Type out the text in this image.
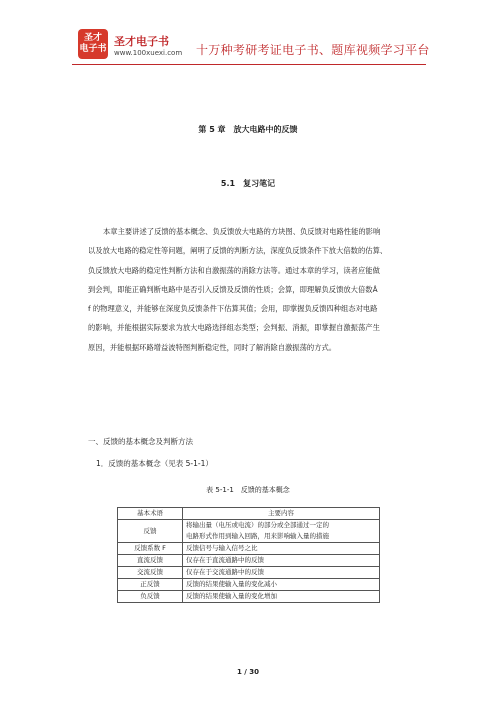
圣才
电子书
圣才电子书
www.100xuexi.com 十万种考研考证电子书、题库视频学习平台
第 5 章　放大电路中的反馈
5.1　复习笔记
本章主要讲述了反馈的基本概念、负反馈放大电路的方块图、负反馈对电路性能的影响
以及放大电路的稳定性等问题，阐明了反馈的判断方法，深度负反馈条件下放大倍数的估算、
负反馈放大电路的稳定性判断方法和自激振荡的消除方法等。通过本章的学习，读者应能做
到会判，即能正确判断电路中是否引入反馈及反馈的性质；会算，即理解负反馈放大倍数Å
f 的物理意义，并能够在深度负反馈条件下估算其值；会用，即掌握负反馈四种组态对电路
的影响，并能根据实际要求为放大电路选择组态类型；会判振、消振，即掌握自激振荡产生
原因，并能根据环路增益波特图判断稳定性，同时了解消除自激振荡的方式。
一、反馈的基本概念及判断方法
1．反馈的基本概念（见表 5-1-1）
表 5-1-1　反馈的基本概念
基本术语	主要内容
反馈	将输出量（电压或电流）的部分或全部通过一定的
电路形式作用到输入回路，用来影响输入量的措施

反馈系数 F	反馈信号与输入信号之比
直流反馈	仅存在于直流通路中的反馈
交流反馈	仅存在于交流通路中的反馈
正反馈	反馈的结果使输入量的变化减小
负反馈	反馈的结果使输入量的变化增加
1 / 30
